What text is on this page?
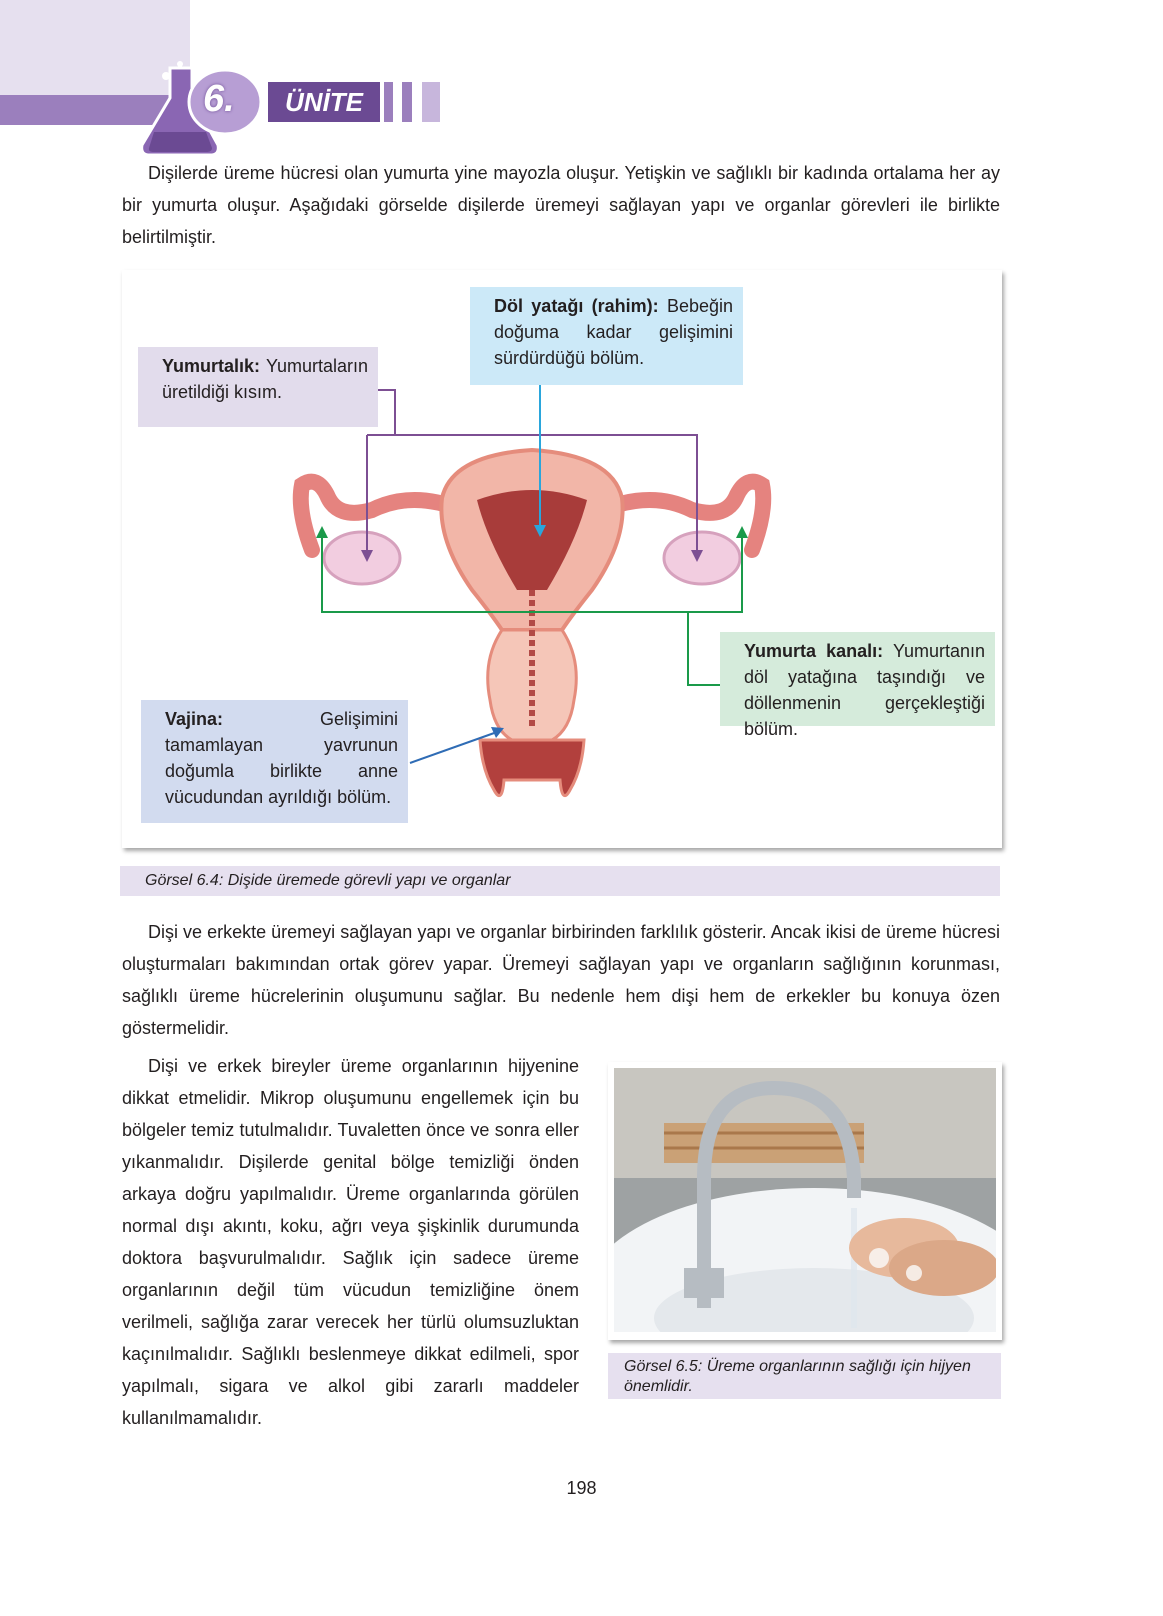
6.	ÜNİTE

Dişilerde üreme hücresi olan yumurta yine mayozla oluşur. Yetişkin ve sağlıklı bir kadında ortalama her ay bir yumurta oluşur. Aşağıdaki görselde dişilerde üremeyi sağlayan yapı ve organlar görevleri ile birlikte belirtilmiştir.

Yumurtalık: Yumurtaların üretildiği kısım.
Döl yatağı (rahim): Bebeğin doğuma kadar gelişimini sürdürdüğü bölüm.
Yumurta kanalı: Yumurtanın döl yatağına taşındığı ve döllenmenin gerçekleştiği bölüm.
Vajina:	Gelişimini tamamlayan yavrunun doğumla birlikte anne vücudundan ayrıldığı bölüm.
Görsel 6.4: Dişide üremede görevli yapı ve organlar

Dişi ve erkekte üremeyi sağlayan yapı ve organlar birbirinden farklılık gösterir. Ancak ikisi de üreme hücresi oluşturmaları bakımından ortak görev yapar. Üremeyi sağlayan yapı ve organların sağlığının korunması, sağlıklı üreme hücrelerinin oluşumunu sağlar. Bu nedenle hem dişi hem de erkekler bu konuya özen göstermelidir.

Dişi ve erkek bireyler üreme organlarının hijyenine dikkat etmelidir. Mikrop oluşumunu engellemek için bu bölgeler temiz tutulmalıdır. Tuvaletten önce ve sonra eller yıkanmalıdır. Dişilerde genital bölge temizliği önden arkaya doğru yapılmalıdır. Üreme organlarında görülen normal dışı akıntı, koku, ağrı veya şişkinlik durumunda doktora başvurulmalıdır. Sağlık için sadece üreme organlarının değil tüm vücudun temizliğine önem verilmeli, sağlığa zarar verecek her türlü olumsuzluktan kaçınılmalıdır. Sağlıklı beslenmeye dikkat edilmeli, spor yapılmalı, sigara ve alkol gibi zararlı maddeler kullanılmamalıdır.

Görsel 6.5: Üreme organlarının sağlığı için hijyen önemlidir.
198
